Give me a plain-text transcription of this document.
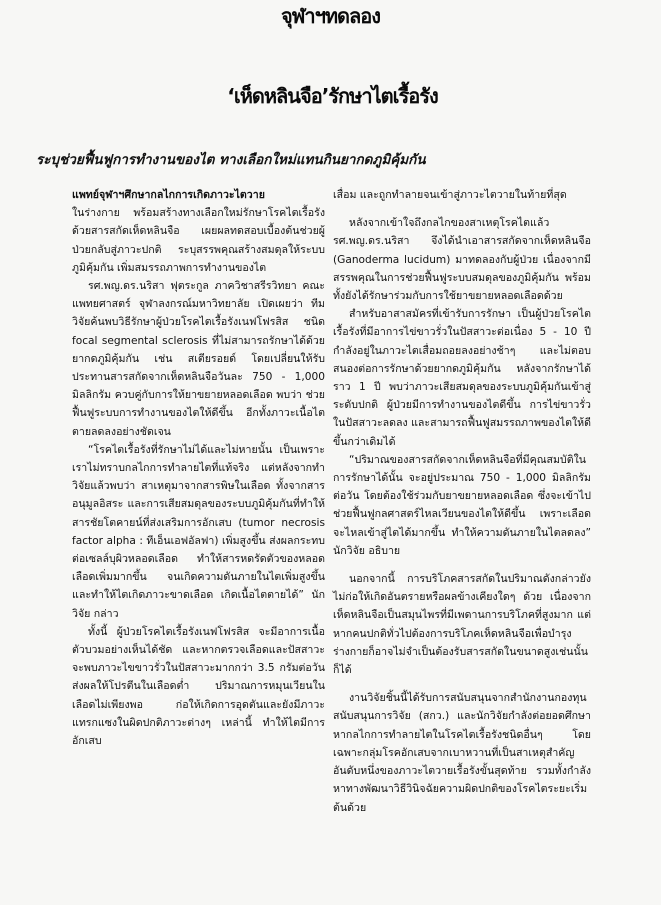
จุฬาฯทดลอง
‘เห็ดหลินจือ’รักษาไตเรื้อรัง
ระบุช่วยฟื้นฟูการทำงานของไต ทางเลือกใหม่แทนกินยากดภูมิคุ้มกัน

แพทย์จุฬาฯศึกษากลไกการเกิดภาวะไตวาย

ในร่างกาย พร้อมสร้างทางเลือกใหม่รักษาโรคไตเรื้อรังด้วยสารสกัดเห็ดหลินจือ เผยผลทดสอบเบื้องต้นช่วยผู้ป่วยกลับสู่ภาวะปกติ ระบุสรรพคุณสร้างสมดุลให้ระบบภูมิคุ้มกัน เพิ่มสมรรถภาพการทำงานของไต

รศ.พญ.ดร.นริสา ฟุตระกูล ภาควิชาสรีรวิทยา คณะแพทยศาสตร์ จุฬาลงกรณ์มหาวิทยาลัย เปิดเผยว่า ทีมวิจัยค้นพบวิธีรักษาผู้ป่วยโรคไตเรื้อรังเนฟโฟรสิส ชนิด focal segmental sclerosis ที่ไม่สามารถรักษาได้ด้วยยากดภูมิคุ้มกัน เช่น สเตียรอยด์ โดยเปลี่ยนให้รับประทานสารสกัดจากเห็ดหลินจือวันละ 750 - 1,000 มิลลิกรัม ควบคู่กับการให้ยาขยายหลอดเลือด พบว่า ช่วยฟื้นฟูระบบการทำงานของไตให้ดีขึ้น อีกทั้งภาวะเนื้อไตตายลดลงอย่างชัดเจน

“โรคไตเรื้อรังที่รักษาไม่ได้และไม่หายนั้น เป็นเพราะเราไม่ทราบกลไกการทำลายไตที่แท้จริง แต่หลังจากทำวิจัยแล้วพบว่า สาเหตุมาจากสารพิษในเลือด ทั้งจากสารอนุมูลอิสระ และการเสียสมดุลของระบบภูมิคุ้มกันที่ทำให้สารชัยโตคายน์ที่ส่งเสริมการอักเสบ (tumor necrosis factor alpha : ทีเอ็นเอฟอัลฟา) เพิ่มสูงขึ้น ส่งผลกระทบต่อเซลล์บุผิวหลอดเลือด ทำให้สารหดรัดตัวของหลอดเลือดเพิ่มมากขึ้น จนเกิดความดันภายในไตเพิ่มสูงขึ้น และทำให้ไตเกิดภาวะขาดเลือด เกิดเนื้อไตตายได้” นักวิจัย กล่าว

ทั้งนี้ ผู้ป่วยโรคไตเรื้อรังเนฟโฟรสิส จะมีอาการเนื้อตัวบวมอย่างเห็นได้ชัด และหากตรวจเลือดและปัสสาวะจะพบภาวะไขขาวรั่วในปัสสาวะมากกว่า 3.5 กรัมต่อวัน ส่งผลให้โปรตีนในเลือดต่ำ ปริมาณการหมุนเวียนในเลือดไม่เพียงพอ ก่อให้เกิดการอุดตันและยังมีภาวะแทรกแซงในผิดปกติภาวะต่างๆ เหล่านี้ ทำให้ไตมีการอักเสบ

เสื่อม และถูกทำลายจนเข้าสู่ภาวะไตวายในท้ายที่สุด

หลังจากเข้าใจถึงกลไกของสาเหตุโรคไตแล้ว รศ.พญ.ดร.นริสา จึงได้นำเอาสารสกัดจากเห็ดหลินจือ (Ganoderma lucidum) มาทดลองกับผู้ป่วย เนื่องจากมีสรรพคุณในการช่วยฟื้นฟูระบบสมดุลของภูมิคุ้มกัน พร้อมทั้งยังได้รักษาร่วมกับการใช้ยาขยายหลอดเลือดด้วย

สำหรับอาสาสมัครที่เข้ารับการรักษา เป็นผู้ป่วยโรคไตเรื้อรังที่มีอาการไข่ขาวรั่วในปัสสาวะต่อเนื่อง 5 - 10 ปี กำลังอยู่ในภาวะไตเสื่อมถอยลงอย่างช้าๆ และไม่ตอบสนองต่อการรักษาด้วยยากดภูมิคุ้มกัน หลังจากรักษาได้ราว 1 ปี พบว่าภาวะเสียสมดุลของระบบภูมิคุ้มกันเข้าสู่ระดับปกติ ผู้ป่วยมีการทำงานของไตดีขึ้น การไข่ขาวรั่วในปัสสาวะลดลง และสามารถฟื้นฟูสมรรถภาพของไตให้ดีขึ้นกว่าเดิมได้

“ปริมาณของสารสกัดจากเห็ดหลินจือที่มีคุณสมบัติในการรักษาได้นั้น จะอยู่ประมาณ 750 - 1,000 มิลลิกรัมต่อวัน โดยต้องใช้ร่วมกับยาขยายหลอดเลือด ซึ่งจะเข้าไปช่วยฟื้นฟูกลศาสตร์ไหลเวียนของไตให้ดีขึ้น เพราะเลือดจะไหลเข้าสู่ไตได้มากขึ้น ทำให้ความดันภายในไตลดลง” นักวิจัย อธิบาย

นอกจากนี้ การบริโภคสารสกัดในปริมาณดังกล่าวยังไม่ก่อให้เกิดอันตรายหรือผลข้างเคียงใดๆ ด้วย เนื่องจากเห็ดหลินจือเป็นสมุนไพรที่มีเพดานการบริโภคที่สูงมาก แต่หากคนปกติทั่วไปต้องการบริโภคเห็ดหลินจือเพื่อบำรุงร่างกายก็อาจไม่จำเป็นต้องรับสารสกัดในขนาดสูงเช่นนั้นก็ได้

งานวิจัยชิ้นนี้ได้รับการสนับสนุนจากสำนักงานกองทุนสนับสนุนการวิจัย (สกว.) และนักวิจัยกำลังต่อยอดศึกษาหากลไกการทำลายไตในโรคไตเรื้อรังชนิดอื่นๆ โดยเฉพาะกลุ่มโรคอักเสบจากเบาหวานที่เป็นสาเหตุสำคัญอันดับหนึ่งของภาวะไตวายเรื้อรังขั้นสุดท้าย รวมทั้งกำลังหาทางพัฒนาวิธีวินิจฉัยความผิดปกติของโรคไตระยะเริ่มต้นด้วย
